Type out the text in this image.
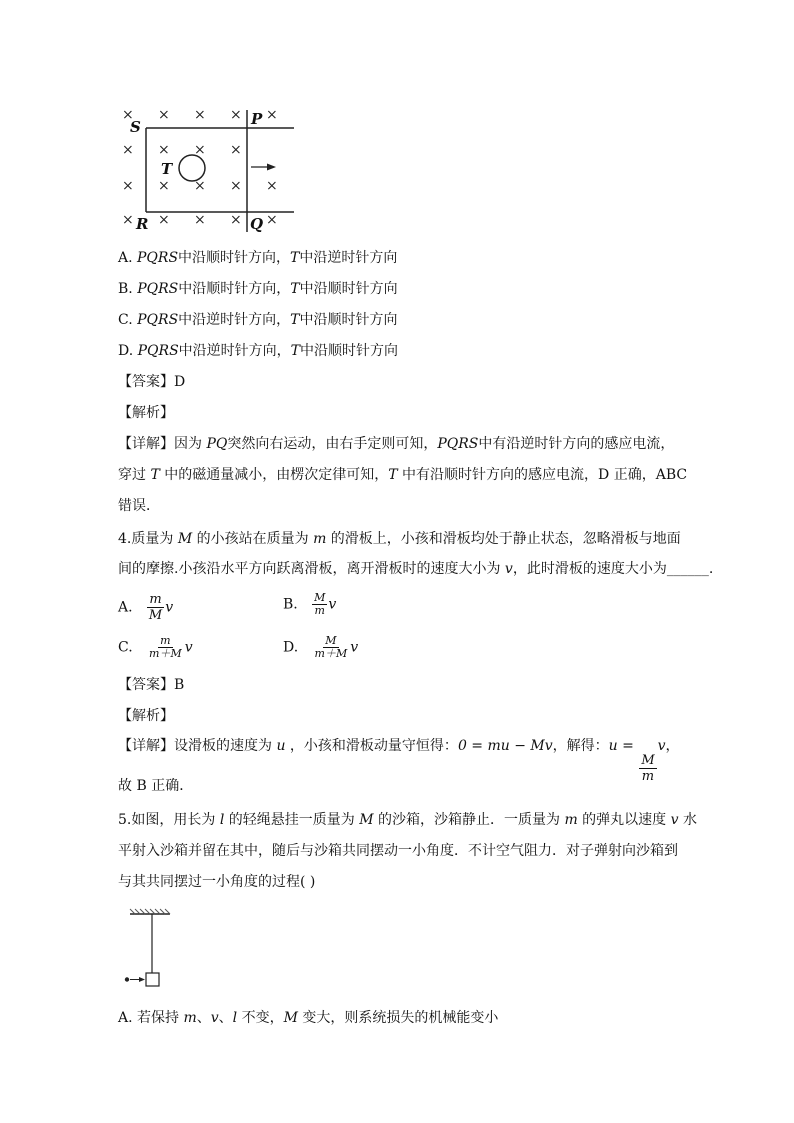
× × × × ×
× × × ×
×
×	× × ×
× × × × ×
S	P
T
R	Q
A. PQRS中沿顺时针方向，T中沿逆时针方向
B. PQRS中沿顺时针方向，T中沿顺时针方向
C. PQRS中沿逆时针方向，T中沿顺时针方向
D. PQRS中沿逆时针方向，T中沿顺时针方向
【答案】D
【解析】
【详解】因为 PQ突然向右运动，由右手定则可知，PQRS中有沿逆时针方向的感应电流，
穿过 T 中的磁通量减小，由楞次定律可知，T 中有沿顺时针方向的感应电流，D 正确，ABC
错误．
4.质量为 M 的小孩站在质量为 m 的滑板上，小孩和滑板均处于静止状态，忽略滑板与地面
间的摩擦.小孩沿水平方向跃离滑板，离开滑板时的速度大小为 v，此时滑板的速度大小为______.
A. $\frac{m}{M}$ v	B. $\frac{M}{m}$ v
C. $\frac{m}{m+M}$ v	D. $\frac{M}{m+M}$ v
【答案】B
【解析】
【详解】设滑板的速度为 u ，小孩和滑板动量守恒得：0 = mu − Mv，解得：u =
$\frac{M}{m}$
v，
故 B 正确．
5.如图，用长为 l 的轻绳悬挂一质量为 M 的沙箱，沙箱静止．一质量为 m 的弹丸以速度 v 水
平射入沙箱并留在其中，随后与沙箱共同摆动一小角度．不计空气阻力．对子弹射向沙箱到
与其共同摆过一小角度的过程( )
A. 若保持 m、v、l 不变，M 变大，则系统损失的机械能变小
